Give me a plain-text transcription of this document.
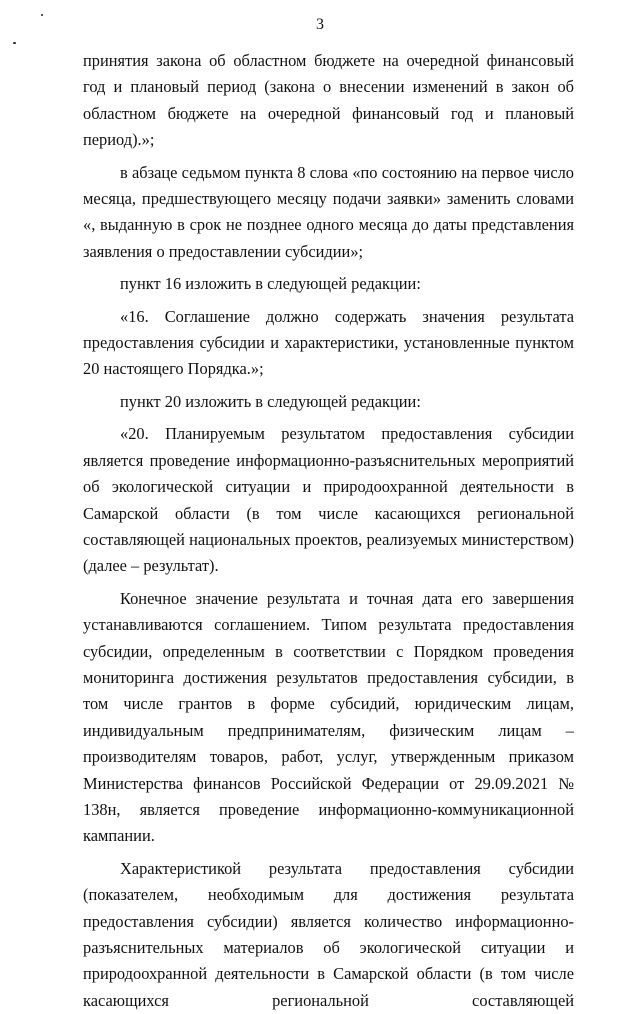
3

принятия закона об областном бюджете на очередной финансовый год и плановый период (закона о внесении изменений в закон об областном бюджете на очередной финансовый год и плановый период).»;

в абзаце седьмом пункта 8 слова «по состоянию на первое число месяца, предшествующего месяцу подачи заявки» заменить словами «, выданную в срок не позднее одного месяца до даты представления заявления о предоставлении субсидии»;

пункт 16 изложить в следующей редакции:

«16. Соглашение должно содержать значения результата предоставления субсидии и характеристики, установленные пунктом 20 настоящего Порядка.»;

пункт 20 изложить в следующей редакции:

«20. Планируемым результатом предоставления субсидии является проведение информационно-разъяснительных мероприятий об экологической ситуации и природоохранной деятельности в Самарской области (в том числе касающихся региональной составляющей национальных проектов, реализуемых министерством) (далее – результат).

Конечное значение результата и точная дата его завершения устанавливаются соглашением. Типом результата предоставления субсидии, определенным в соответствии с Порядком проведения мониторинга достижения результатов предоставления субсидии, в том числе грантов в форме субсидий, юридическим лицам, индивидуальным предпринимателям, физическим лицам – производителям товаров, работ, услуг, утвержденным приказом Министерства финансов Российской Федерации от 29.09.2021 № 138н, является проведение информационно-коммуникационной кампании.

Характеристикой результата предоставления субсидии (показателем, необходимым для достижения результата предоставления субсидии) является количество информационно-разъяснительных материалов об экологической ситуации и природоохранной деятельности в Самарской области (в том числе касающихся региональной составляющей
